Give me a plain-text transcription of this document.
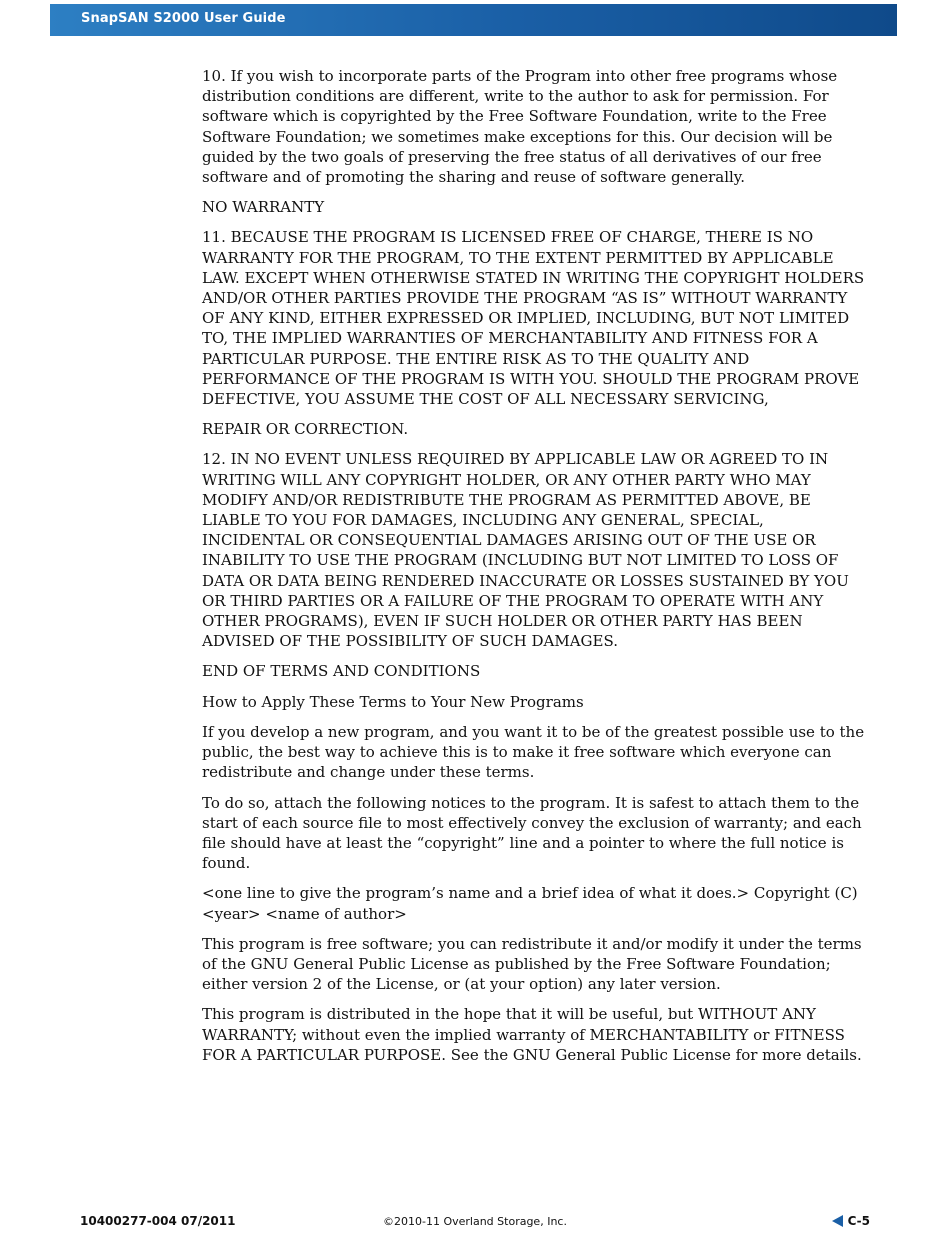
SnapSAN S2000 User Guide

10. If you wish to incorporate parts of the Program into other free programs whose distribution conditions are different, write to the author to ask for permission. For software which is copyrighted by the Free Software Foundation, write to the Free Software Foundation; we sometimes make exceptions for this. Our decision will be guided by the two goals of preserving the free status of all derivatives of our free software and of promoting the sharing and reuse of software generally.

NO WARRANTY

11. BECAUSE THE PROGRAM IS LICENSED FREE OF CHARGE, THERE IS NO WARRANTY FOR THE PROGRAM, TO THE EXTENT PERMITTED BY APPLICABLE LAW. EXCEPT WHEN OTHERWISE STATED IN WRITING THE COPYRIGHT HOLDERS AND/OR OTHER PARTIES PROVIDE THE PROGRAM “AS IS” WITHOUT WARRANTY OF ANY KIND, EITHER EXPRESSED OR IMPLIED, INCLUDING, BUT NOT LIMITED TO, THE IMPLIED WARRANTIES OF MERCHANTABILITY AND FITNESS FOR A PARTICULAR PURPOSE. THE ENTIRE RISK AS TO THE QUALITY AND PERFORMANCE OF THE PROGRAM IS WITH YOU. SHOULD THE PROGRAM PROVE DEFECTIVE, YOU ASSUME THE COST OF ALL NECESSARY SERVICING,

REPAIR OR CORRECTION.

12. IN NO EVENT UNLESS REQUIRED BY APPLICABLE LAW OR AGREED TO IN WRITING WILL ANY COPYRIGHT HOLDER, OR ANY OTHER PARTY WHO MAY MODIFY AND/OR REDISTRIBUTE THE PROGRAM AS PERMITTED ABOVE, BE LIABLE TO YOU FOR DAMAGES, INCLUDING ANY GENERAL, SPECIAL, INCIDENTAL OR CONSEQUENTIAL DAMAGES ARISING OUT OF THE USE OR INABILITY TO USE THE PROGRAM (INCLUDING BUT NOT LIMITED TO LOSS OF DATA OR DATA BEING RENDERED INACCURATE OR LOSSES SUSTAINED BY YOU OR THIRD PARTIES OR A FAILURE OF THE PROGRAM TO OPERATE WITH ANY OTHER PROGRAMS), EVEN IF SUCH HOLDER OR OTHER PARTY HAS BEEN ADVISED OF THE POSSIBILITY OF SUCH DAMAGES.

END OF TERMS AND CONDITIONS

How to Apply These Terms to Your New Programs

If you develop a new program, and you want it to be of the greatest possible use to the public, the best way to achieve this is to make it free software which everyone can redistribute and change under these terms.

To do so, attach the following notices to the program. It is safest to attach them to the start of each source file to most effectively convey the exclusion of warranty; and each file should have at least the “copyright” line and a pointer to where the full notice is found.

<one line to give the program’s name and a brief idea of what it does.> Copyright (C) <year> <name of author>

This program is free software; you can redistribute it and/or modify it under the terms of the GNU General Public License as published by the Free Software Foundation; either version 2 of the License, or (at your option) any later version.

This program is distributed in the hope that it will be useful, but WITHOUT ANY WARRANTY; without even the implied warranty of MERCHANTABILITY or FITNESS FOR A PARTICULAR PURPOSE. See the GNU General Public License for more details.

10400277-004 07/2011	©2010-11 Overland Storage, Inc.	C-5
